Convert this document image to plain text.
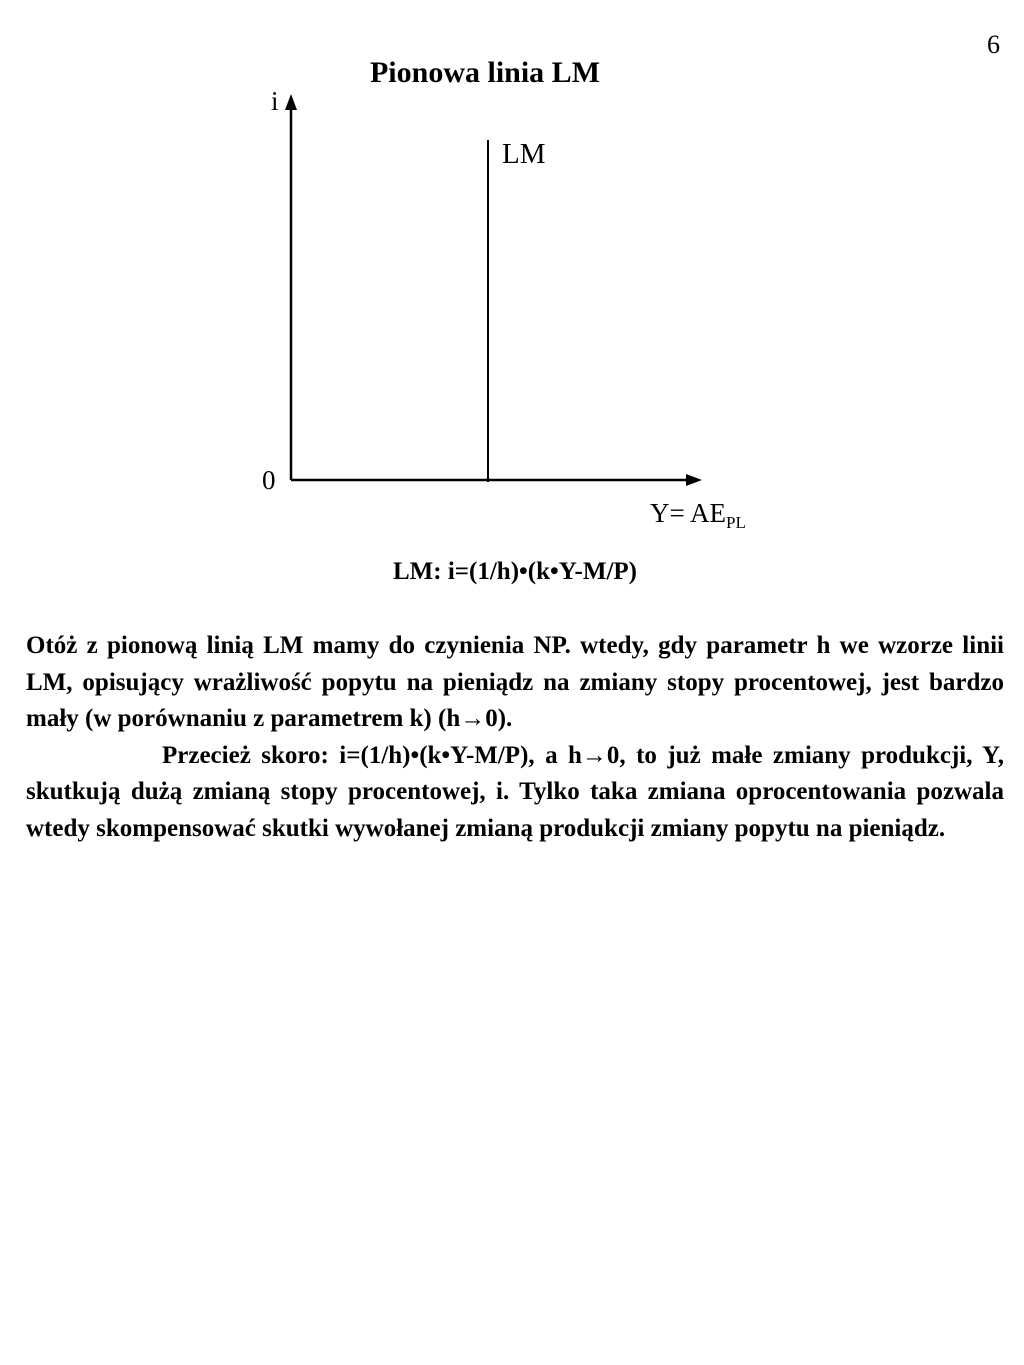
6
Pionowa linia LM
i
LM
0
$Y= AE_{PL}$
LM: i=(1/h)•(k•Y-M/P)

Otóż z pionową linią LM mamy do czynienia NP. wtedy, gdy parametr h we wzorze linii LM, opisujący wrażliwość popytu na pieniądz na zmiany stopy procentowej, jest bardzo mały (w porównaniu z parametrem k) (h→0).

Przecież skoro: i=(1/h)•(k•Y-M/P), a h→0, to już małe zmiany produkcji, Y, skutkują dużą zmianą stopy procentowej, i. Tylko taka zmiana oprocentowania pozwala wtedy skompensować skutki wywołanej zmianą produkcji zmiany popytu na pieniądz.
